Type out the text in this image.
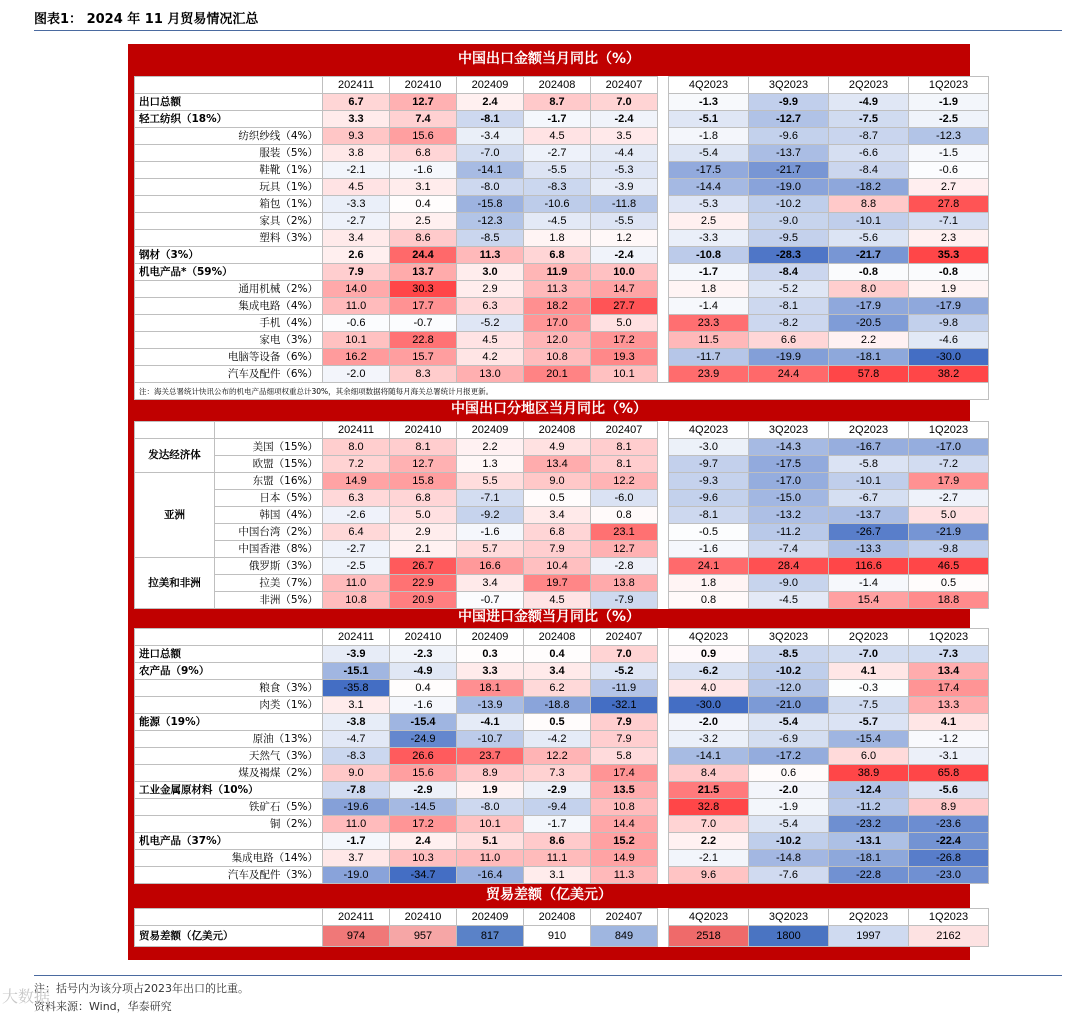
图表1： 2024 年 11 月贸易情况汇总
中国出口金额当月同比（%）
	202411	202410	202409	202408	202407		4Q2023	3Q2023	2Q2023	1Q2023
出口总额	6.7	12.7	2.4	8.7	7.0		-1.3	-9.9	-4.9	-1.9
轻工纺织（18%）	3.3	7.4	-8.1	-1.7	-2.4		-5.1	-12.7	-7.5	-2.5
纺织纱线（4%）	9.3	15.6	-3.4	4.5	3.5		-1.8	-9.6	-8.7	-12.3
服装（5%）	3.8	6.8	-7.0	-2.7	-4.4		-5.4	-13.7	-6.6	-1.5
鞋靴（1%）	-2.1	-1.6	-14.1	-5.5	-5.3		-17.5	-21.7	-8.4	-0.6
玩具（1%）	4.5	3.1	-8.0	-8.3	-3.9		-14.4	-19.0	-18.2	2.7
箱包（1%）	-3.3	0.4	-15.8	-10.6	-11.8		-5.3	-10.2	8.8	27.8
家具（2%）	-2.7	2.5	-12.3	-4.5	-5.5		2.5	-9.0	-10.1	-7.1
塑料（3%）	3.4	8.6	-8.5	1.8	1.2		-3.3	-9.5	-5.6	2.3
钢材（3%）	2.6	24.4	11.3	6.8	-2.4		-10.8	-28.3	-21.7	35.3
机电产品*（59%）	7.9	13.7	3.0	11.9	10.0		-1.7	-8.4	-0.8	-0.8
通用机械（2%）	14.0	30.3	2.9	11.3	14.7		1.8	-5.2	8.0	1.9
集成电路（4%）	11.0	17.7	6.3	18.2	27.7		-1.4	-8.1	-17.9	-17.9
手机（4%）	-0.6	-0.7	-5.2	17.0	5.0		23.3	-8.2	-20.5	-9.8
家电（3%）	10.1	22.8	4.5	12.0	17.2		11.5	6.6	2.2	-4.6
电脑等设备（6%）	16.2	15.7	4.2	10.8	19.3		-11.7	-19.9	-18.1	-30.0
汽车及配件（6%）	-2.0	8.3	13.0	20.1	10.1		23.9	24.4	57.8	38.2
注：海关总署统计快讯公布的机电产品细项权重总计30%，其余细项数据将随每月海关总署统计月报更新。										
中国出口分地区当月同比（%）
		202411	202410	202409	202408	202407		4Q2023	3Q2023	2Q2023	1Q2023
发达经济体	美国（15%）	8.0	8.1	2.2	4.9	8.1		-3.0	-14.3	-16.7	-17.0
	欧盟（15%）	7.2	12.7	1.3	13.4	8.1		-9.7	-17.5	-5.8	-7.2
亚洲	东盟（16%）	14.9	15.8	5.5	9.0	12.2		-9.3	-17.0	-10.1	17.9
	日本（5%）	6.3	6.8	-7.1	0.5	-6.0		-9.6	-15.0	-6.7	-2.7
	韩国（4%）	-2.6	5.0	-9.2	3.4	0.8		-8.1	-13.2	-13.7	5.0
	中国台湾（2%）	6.4	2.9	-1.6	6.8	23.1		-0.5	-11.2	-26.7	-21.9
	中国香港（8%）	-2.7	2.1	5.7	7.9	12.7		-1.6	-7.4	-13.3	-9.8
拉美和非洲	俄罗斯（3%）	-2.5	26.7	16.6	10.4	-2.8		24.1	28.4	116.6	46.5
	拉美（7%）	11.0	22.9	3.4	19.7	13.8		1.8	-9.0	-1.4	0.5
	非洲（5%）	10.8	20.9	-0.7	4.5	-7.9		0.8	-4.5	15.4	18.8
中国进口金额当月同比（%）
	202411	202410	202409	202408	202407		4Q2023	3Q2023	2Q2023	1Q2023
进口总额	-3.9	-2.3	0.3	0.4	7.0		0.9	-8.5	-7.0	-7.3
农产品（9%）	-15.1	-4.9	3.3	3.4	-5.2		-6.2	-10.2	4.1	13.4
粮食（3%）	-35.8	0.4	18.1	6.2	-11.9		4.0	-12.0	-0.3	17.4
肉类（1%）	3.1	-1.6	-13.9	-18.8	-32.1		-30.0	-21.0	-7.5	13.3
能源（19%）	-3.8	-15.4	-4.1	0.5	7.9		-2.0	-5.4	-5.7	4.1
原油（13%）	-4.7	-24.9	-10.7	-4.2	7.9		-3.2	-6.9	-15.4	-1.2
天然气（3%）	-8.3	26.6	23.7	12.2	5.8		-14.1	-17.2	6.0	-3.1
煤及褐煤（2%）	9.0	15.6	8.9	7.3	17.4		8.4	0.6	38.9	65.8
工业金属原材料（10%）	-7.8	-2.9	1.9	-2.9	13.5		21.5	-2.0	-12.4	-5.6
铁矿石（5%）	-19.6	-14.5	-8.0	-9.4	10.8		32.8	-1.9	-11.2	8.9
铜（2%）	11.0	17.2	10.1	-1.7	14.4		7.0	-5.4	-23.2	-23.6
机电产品（37%）	-1.7	2.4	5.1	8.6	15.2		2.2	-10.2	-13.1	-22.4
集成电路（14%）	3.7	10.3	11.0	11.1	14.9		-2.1	-14.8	-18.1	-26.8
汽车及配件（3%）	-19.0	-34.7	-16.4	3.1	11.3		9.6	-7.6	-22.8	-23.0
贸易差额（亿美元）
	202411	202410	202409	202408	202407		4Q2023	3Q2023	2Q2023	1Q2023
贸易差额（亿美元）	974	957	817	910	849		2518	1800	1997	2162
注：括号内为该分项占2023年出口的比重。
资料来源：Wind，华泰研究
大数据
